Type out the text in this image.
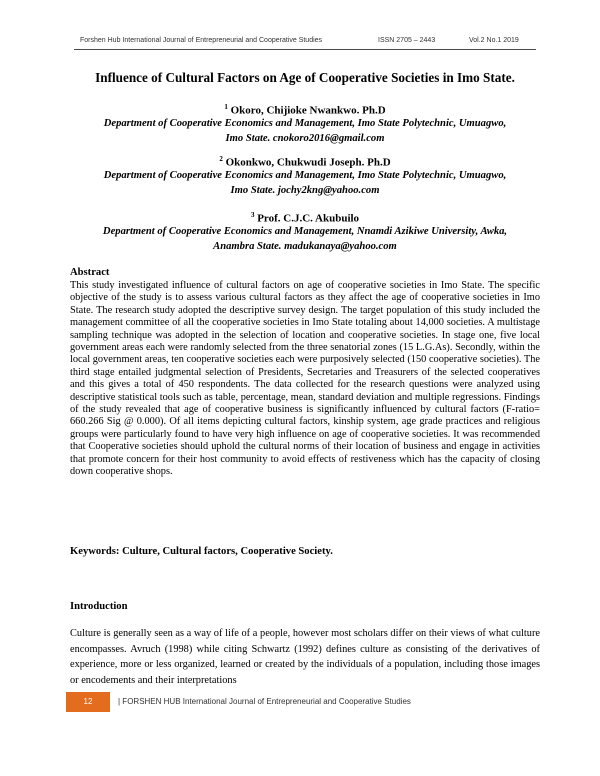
Forshen Hub International Journal of Entrepreneurial and Cooperative Studies	ISSN 2705 – 2443	Vol.2 No.1 2019
Influence of Cultural Factors on Age of Cooperative Societies in Imo State.
$^1$ Okoro, Chijioke Nwankwo. Ph.D
Department of Cooperative Economics and Management, Imo State Polytechnic, Umuagwo,
Imo State. cnokoro2016@gmail.com
$^2$ Okonkwo, Chukwudi Joseph. Ph.D
Department of Cooperative Economics and Management, Imo State Polytechnic, Umuagwo,
Imo State. jochy2kng@yahoo.com
$^3$ Prof. C.J.C. Akubuilo
Department of Cooperative Economics and Management, Nnamdi Azikiwe University, Awka,
Anambra State. madukanaya@yahoo.com
Abstract
This study investigated influence of cultural factors on age of cooperative societies in Imo State. The specific objective of the study is to assess various cultural factors as they affect the age of cooperative societies in Imo State. The research study adopted the descriptive survey design. The target population of this study included the management committee of all the cooperative societies in Imo State totaling about 14,000 societies. A multistage sampling technique was adopted in the selection of location and cooperative societies. In stage one, five local government areas each were randomly selected from the three senatorial zones (15 L.G.As). Secondly, within the local government areas, ten cooperative societies each were purposively selected (150 cooperative societies). The third stage entailed judgmental selection of Presidents, Secretaries and Treasurers of the selected cooperatives and this gives a total of 450 respondents. The data collected for the research questions were analyzed using descriptive statistical tools such as table, percentage, mean, standard deviation and multiple regressions. Findings of the study revealed that age of cooperative business is significantly influenced by cultural factors (F-ratio= 660.266 Sig @ 0.000). Of all items depicting cultural factors, kinship system, age grade practices and religious groups were particularly found to have very high influence on age of cooperative societies. It was recommended that Cooperative societies should uphold the cultural norms of their location of business and engage in activities that promote concern for their host community to avoid effects of restiveness which has the capacity of closing down cooperative shops.
Keywords: Culture, Cultural factors, Cooperative Society.
Introduction
Culture is generally seen as a way of life of a people, however most scholars differ on their views of what culture encompasses. Avruch (1998) while citing Schwartz (1992) defines culture as consisting of the derivatives of experience, more or less organized, learned or created by the individuals of a population, including those images or encodements and their interpretations
12	| FORSHEN HUB International Journal of Entrepreneurial and Cooperative Studies
